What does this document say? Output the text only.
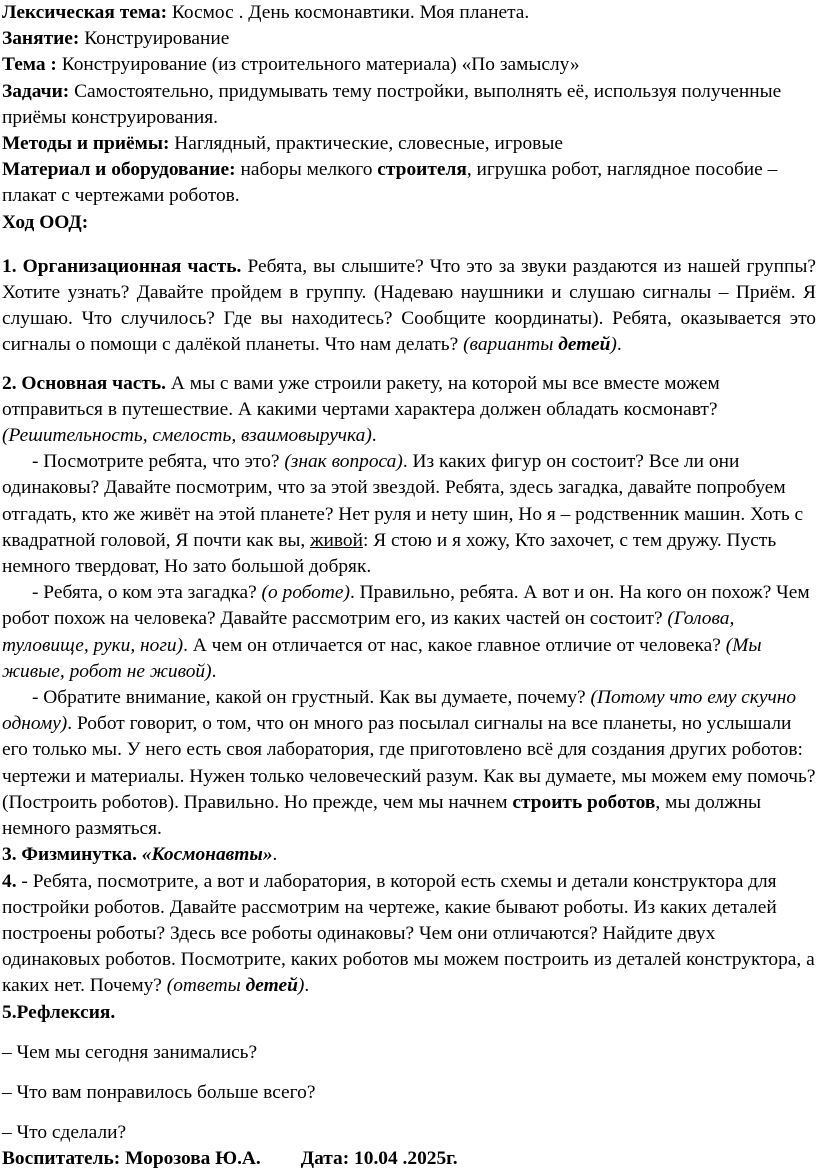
Лексическая тема: Космос . День космонавтики. Моя планета.

Занятие: Конструирование

Тема : Конструирование (из строительного материала) «По замыслу»

Задачи: Самостоятельно, придумывать тему постройки, выполнять её, используя полученные приёмы конструирования.

Методы и приёмы: Наглядный, практические, словесные, игровые

Материал и оборудование: наборы мелкого строителя, игрушка робот, наглядное пособие – плакат с чертежами роботов.

Ход ООД:

1. Организационная часть. Ребята, вы слышите? Что это за звуки раздаются из нашей группы? Хотите узнать? Давайте пройдем в группу. (Надеваю наушники и слушаю сигналы – Приём. Я слушаю. Что случилось? Где вы находитесь? Сообщите координаты). Ребята, оказывается это сигналы о помощи с далёкой планеты. Что нам делать? (варианты детей).

2. Основная часть. А мы с вами уже строили ракету, на которой мы все вместе можем отправиться в путешествие. А какими чертами характера должен обладать космонавт? (Решительность, смелость, взаимовыручка).

- Посмотрите ребята, что это? (знак вопроса). Из каких фигур он состоит? Все ли они одинаковы? Давайте посмотрим, что за этой звездой. Ребята, здесь загадка, давайте попробуем отгадать, кто же живёт на этой планете? Нет руля и нету шин, Но я – родственник машин. Хоть с квадратной головой, Я почти как вы, живой: Я стою и я хожу, Кто захочет, с тем дружу. Пусть немного твердоват, Но зато большой добряк.

- Ребята, о ком эта загадка? (о роботе). Правильно, ребята. А вот и он. На кого он похож? Чем робот похож на человека? Давайте рассмотрим его, из каких частей он состоит? (Голова, туловище, руки, ноги). А чем он отличается от нас, какое главное отличие от человека? (Мы живые, робот не живой).

- Обратите внимание, какой он грустный. Как вы думаете, почему? (Потому что ему скучно одному). Робот говорит, о том, что он много раз посылал сигналы на все планеты, но услышали его только мы. У него есть своя лаборатория, где приготовлено всё для создания других роботов: чертежи и материалы. Нужен только человеческий разум. Как вы думаете, мы можем ему помочь? (Построить роботов). Правильно. Но прежде, чем мы начнем строить роботов, мы должны немного размяться.

3. Физминутка. «Космонавты».

4. - Ребята, посмотрите, а вот и лаборатория, в которой есть схемы и детали конструктора для постройки роботов. Давайте рассмотрим на чертеже, какие бывают роботы. Из каких деталей построены роботы? Здесь все роботы одинаковы? Чем они отличаются? Найдите двух одинаковых роботов. Посмотрите, каких роботов мы можем построить из деталей конструктора, а каких нет. Почему? (ответы детей).

5.Рефлексия.

– Чем мы сегодня занимались?

– Что вам понравилось больше всего?

– Что сделали?

Воспитатель: Морозова Ю.А. Дата: 10.04 .2025г.
